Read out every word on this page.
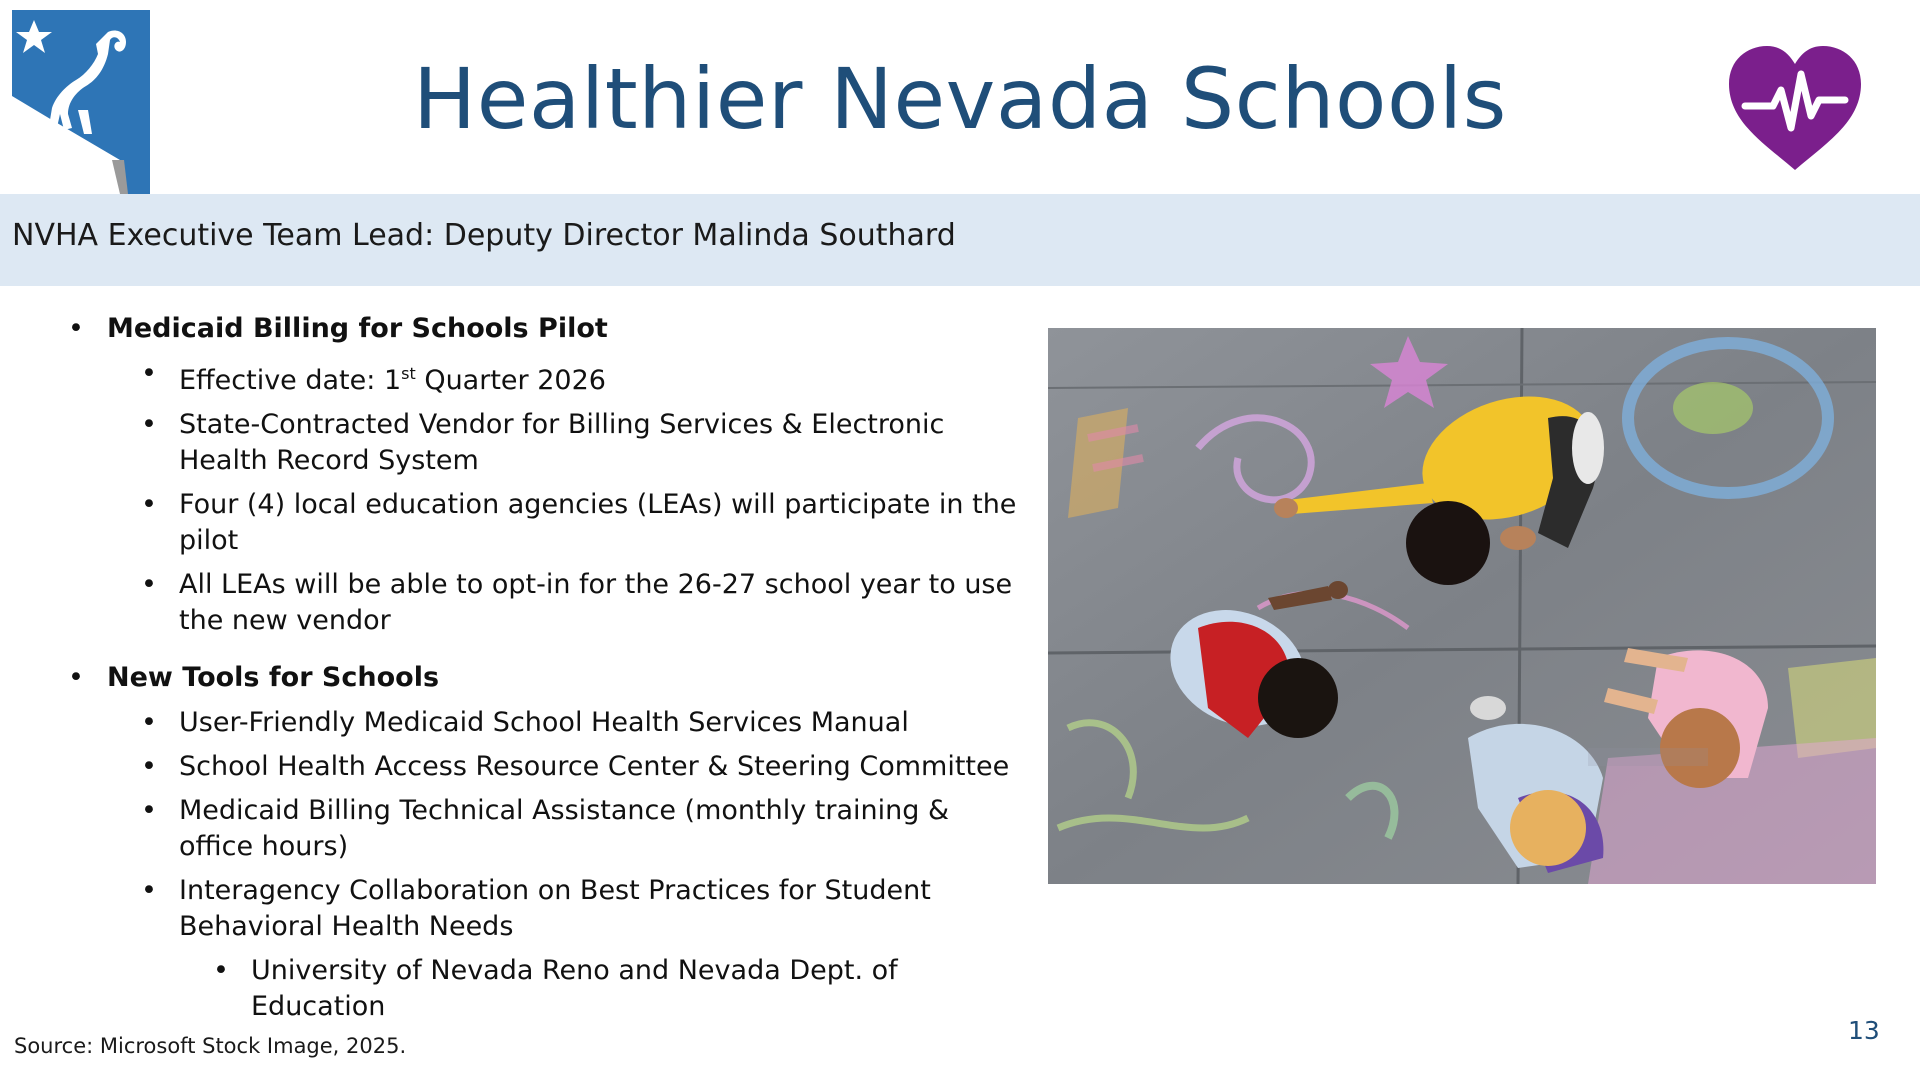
Healthier Nevada Schools
NVHA Executive Team Lead: Deputy Director Malinda Southard
• Medicaid Billing for Schools Pilot
• Effective date: 1st Quarter 2026
• State-Contracted Vendor for Billing Services & Electronic Health Record System
• Four (4) local education agencies (LEAs) will participate in the pilot
• All LEAs will be able to opt-in for the 26-27 school year to use the new vendor
• New Tools for Schools
• User-Friendly Medicaid School Health Services Manual
• School Health Access Resource Center & Steering Committee
• Medicaid Billing Technical Assistance (monthly training & office hours)
• Interagency Collaboration on Best Practices for Student Behavioral Health Needs
• University of Nevada Reno and Nevada Dept. of Education
Source: Microsoft Stock Image, 2025.
13
